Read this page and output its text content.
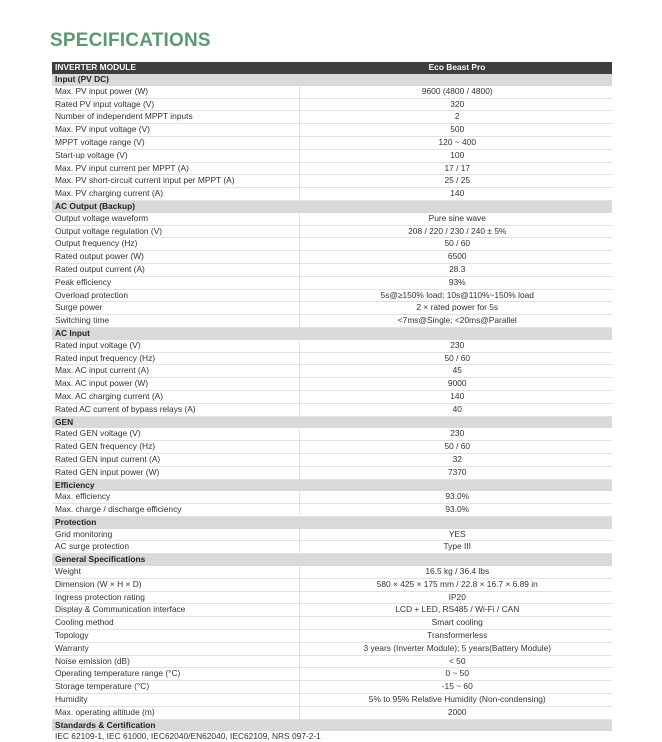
SPECIFICATIONS
INVERTER MODULE	Eco Beast Pro
Input (PV DC)	
Max. PV input power (W)	9600 (4800 / 4800)
Rated PV input voltage (V)	320
Number of independent MPPT inputs	2
Max. PV input voltage (V)	500
MPPT voltage range (V)	120 ~ 400
Start-up voltage (V)	100
Max. PV input current per MPPT (A)	17 / 17
Max. PV short-circuit current input per MPPT (A)	25 / 25
Max. PV charging current (A)	140
AC Output (Backup)	
Output voltage waveform	Pure sine wave
Output voltage regulation (V)	208 / 220 / 230 / 240 ± 5%
Output frequency (Hz)	50 / 60
Rated output power (W)	6500
Rated output current (A)	28.3
Peak efficiency	93%
Overload protection	5s@≥150% load; 10s@110%~150% load
Surge power	2 × rated power for 5s
Switching time	<7ms@Single; <20ms@Parallel
AC Input	
Rated input voltage (V)	230
Rated input frequency (Hz)	50 / 60
Max. AC input current (A)	45
Max. AC input power (W)	9000
Max. AC charging current (A)	140
Rated AC current of bypass relays (A)	40
GEN	
Rated GEN voltage (V)	230
Rated GEN frequency (Hz)	50 / 60
Rated GEN input current (A)	32
Rated GEN input power (W)	7370
Efficiency	
Max. efficiency	93.0%
Max. charge / discharge efficiency	93.0%
Protection	
Grid monitoring	YES
AC surge protection	Type III
General Specifications	
Weight	16.5 kg / 36.4 lbs
Dimension (W × H × D)	580 × 425 × 175 mm / 22.8 × 16.7 × 6.89 in
Ingress protection rating	IP20
Display & Communication interface	LCD + LED, RS485 / Wi-Fi / CAN
Cooling method	Smart cooling
Topology	Transformerless
Warranty	3 years (Inverter Module); 5 years(Battery Module)
Noise emission (dB)	< 50
Operating temperature range (°C)	0 ~ 50
Storage temperature (°C)	-15 ~ 60
Humidity	5% to 95% Relative Humidity (Non-condensing)
Max. operating altitude (m)	2000
Standards & Certification	
IEC 62109-1, IEC 61000, IEC62040/EN62040, IEC62109, NRS 097-2-1
